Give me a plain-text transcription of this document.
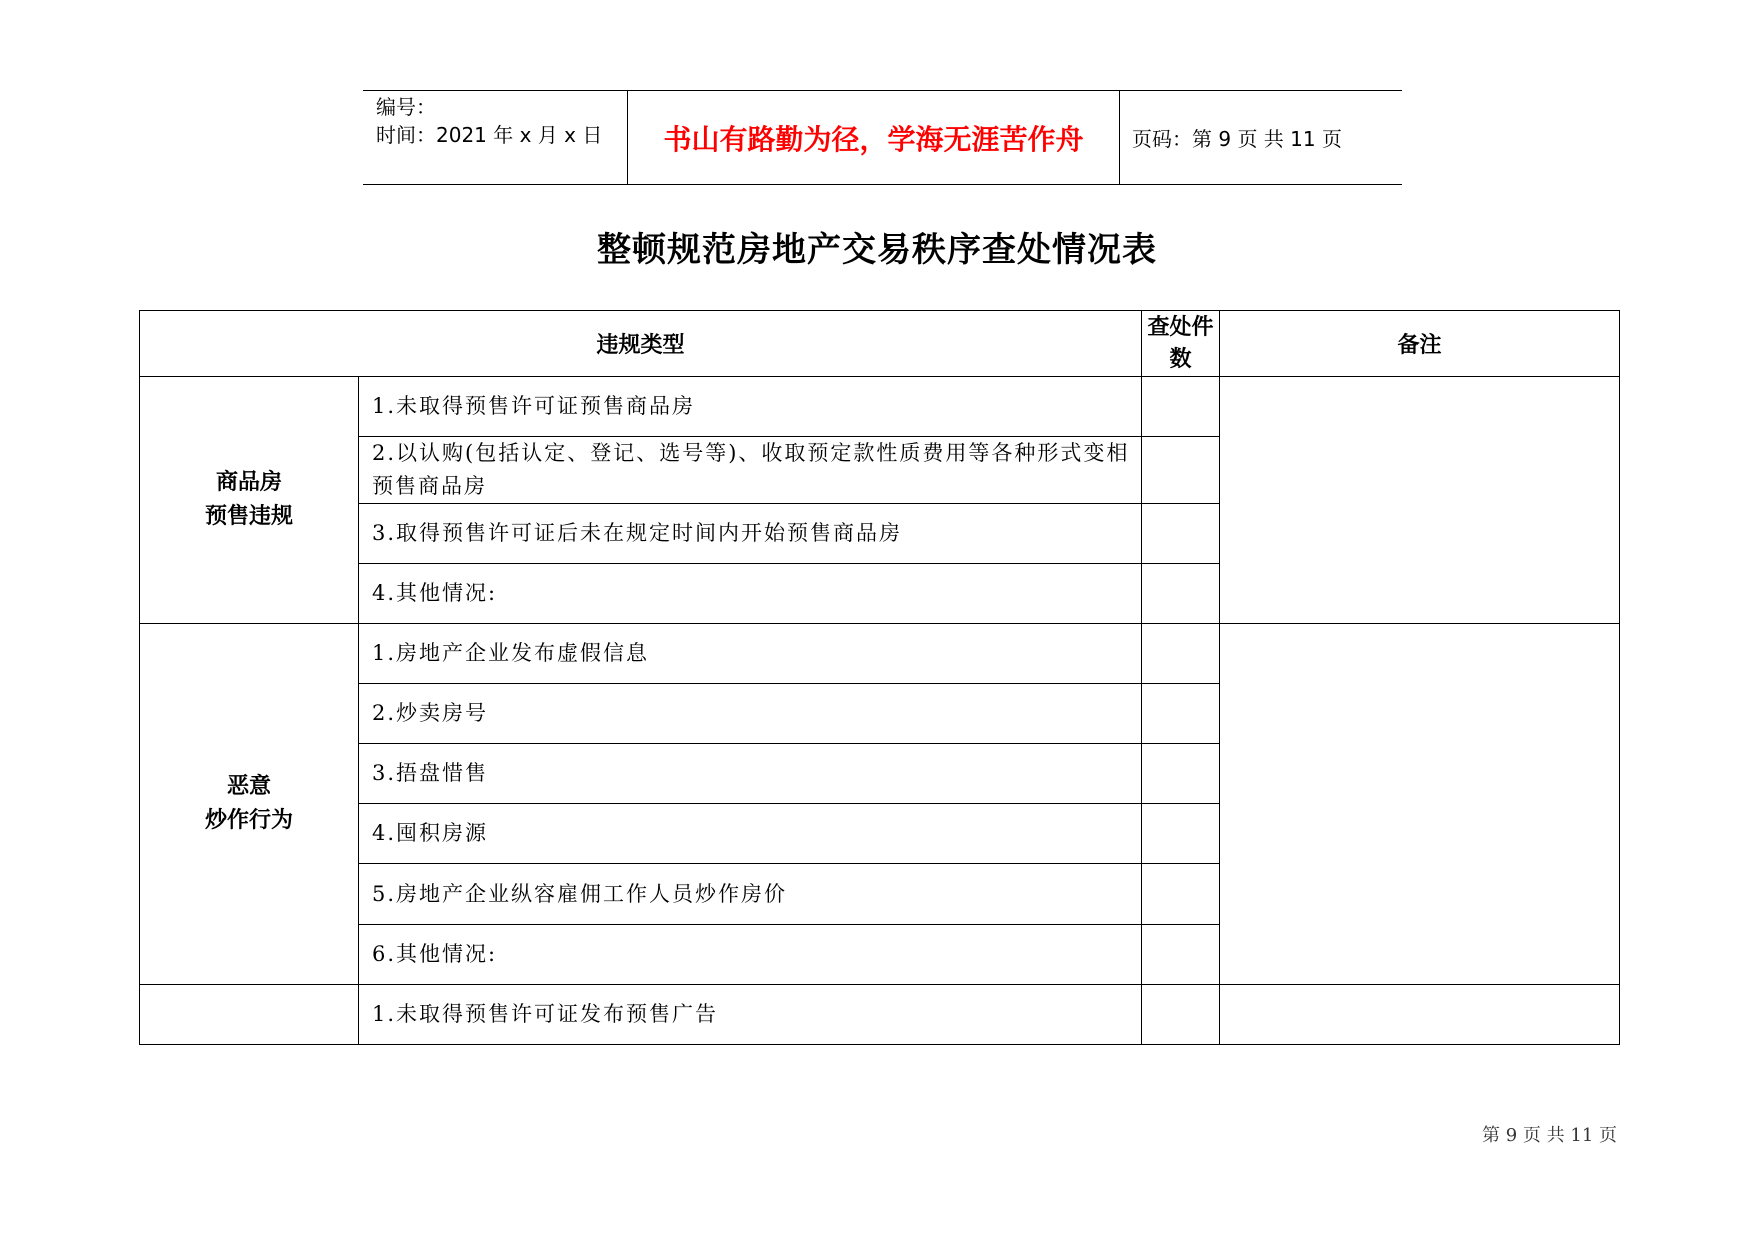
编号：
时间：2021 年 x 月 x 日	书山有路勤为径，学海无涯苦作舟	页码：第 9 页 共 11 页
整顿规范房地产交易秩序查处情况表
违规类型		查处件数	备注
商品房
预售违规	1.未取得预售许可证预售商品房		
	2.以认购(包括认定、登记、选号等)、收取预定款性质费用等各种形式变相预售商品房		
	3.取得预售许可证后未在规定时间内开始预售商品房		
	4.其他情况:		
恶意
炒作行为	1.房地产企业发布虚假信息		
	2.炒卖房号		
	3.捂盘惜售		
	4.囤积房源		
	5.房地产企业纵容雇佣工作人员炒作房价		
	6.其他情况:		
	1.未取得预售许可证发布预售广告		
第 9 页 共 11 页
